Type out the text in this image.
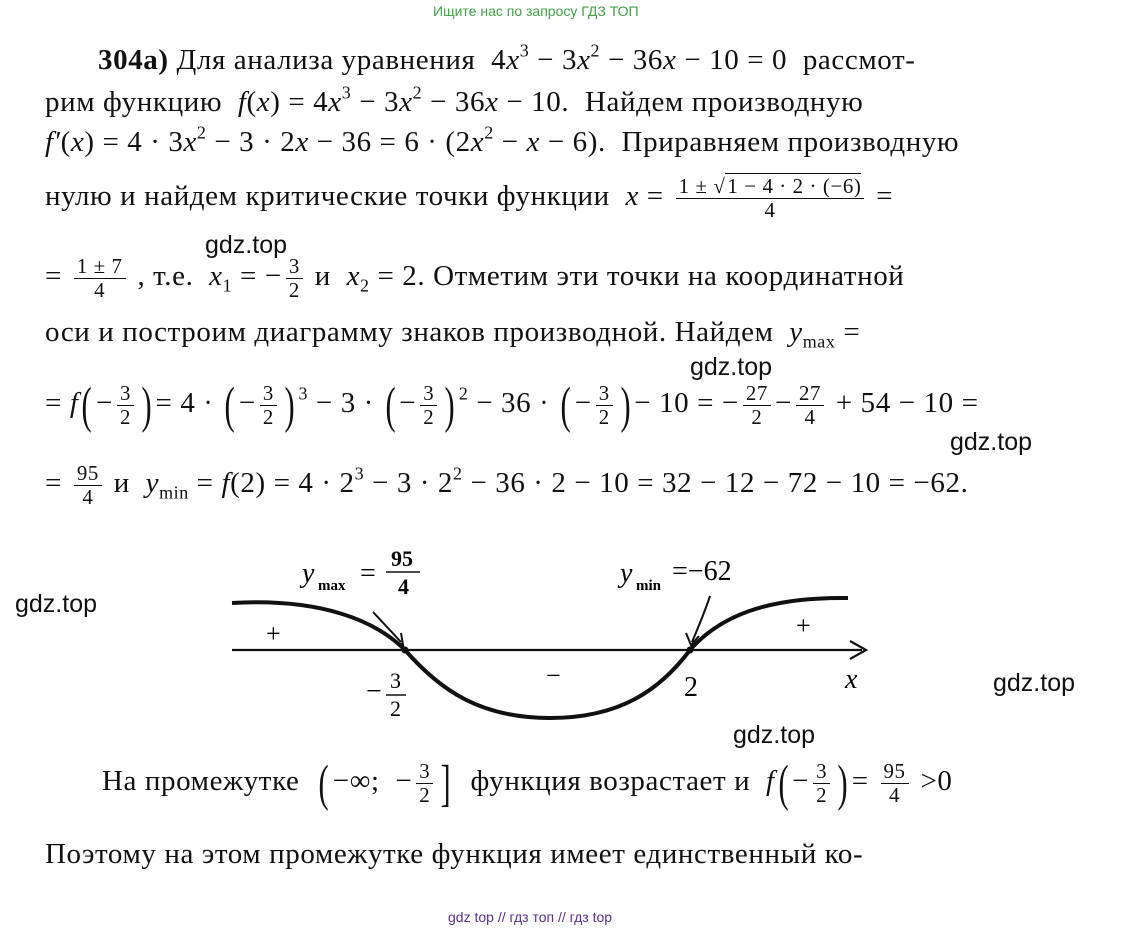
Ищите нас по запросу ГДЗ ТОП
304а) Для анализа уравнения  $4x^3 - 3x^2 - 36x - 10 = 0$  рассмот-
рим функцию $f(x) = 4x^3 - 3x^2 - 36x - 10$.  Найдем производную
$f'(x) = 4 \cdot 3x^2 - 3 \cdot 2x - 36 = 6 \cdot (2x^2 - x - 6)$.  Приравняем производную
нулю и найдем критические точки функции $x = \frac{1 \pm √1 - 4 \cdot 2 \cdot (-6)}{4}$ =
= $\frac{1 \pm 7}{4}$ , т.е. $x_1$ = − $\frac{3}{2}$ и $x_2 = 2$. Отметим эти точки на координатной
оси и построим диаграмму знаков производной. Найдем $y_{max}$ =
= $f( - \frac{3}{2}$ ) = 4 · ( − $\frac{3}{2}$ ) $^3$ − 3 · ( − $\frac{3}{2}$ ) $^2$ − 36 · ( − $\frac{3}{2}$ ) − 10 = − $\frac{27}{2} - \frac{27}{4} + 54 - 10$ =
= $\frac{95}{4}$ и $y_{min} = f(2) = 4 \cdot 2^3 - 3 \cdot 2^2 - 36 \cdot 2 - 10 = 32 - 12 - 72 - 10 = -62$.
y max = 95
4	y min =−62
+
−
+
− 3
2
2	x
На промежутке ( −∞;  − $\frac{3}{2}$ ] функция возрастает и $f( - \frac{3}{2}$ ) = $\frac{95}{4} >0$
Поэтому на этом промежутке функция имеет единственный ко-
gdz.top
gdz.top
gdz.top
gdz.top
gdz.top
gdz.top
gdz top // гдз топ // гдз top
